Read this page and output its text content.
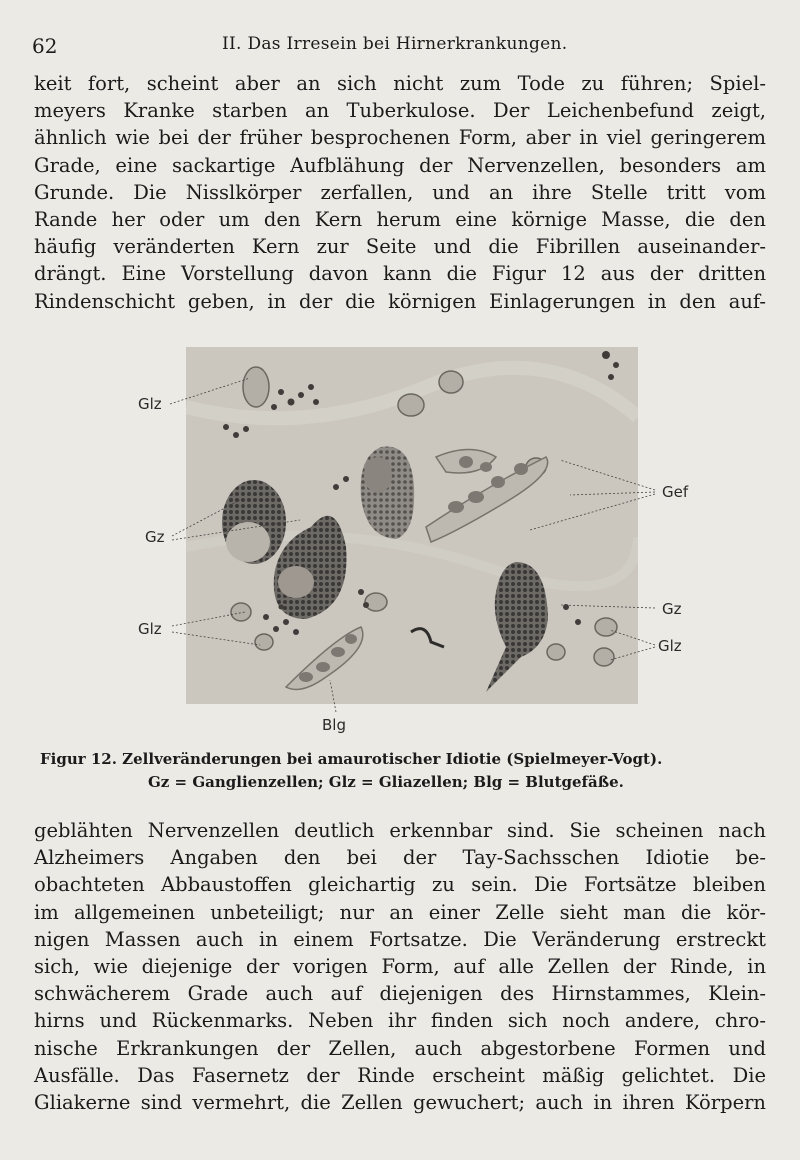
62	II. Das Irresein bei Hirnerkrankungen.
keit fort, scheint aber an sich nicht zum Tode zu führen; Spiel-
meyers Kranke starben an Tuberkulose. Der Leichenbefund zeigt,
ähnlich wie bei der früher besprochenen Form, aber in viel geringerem
Grade, eine sackartige Aufblähung der Nervenzellen, besonders am
Grunde. Die Nisslkörper zerfallen, und an ihre Stelle tritt vom
Rande her oder um den Kern herum eine körnige Masse, die den
häufig veränderten Kern zur Seite und die Fibrillen auseinander-
drängt. Eine Vorstellung davon kann die Figur 12 aus der dritten
Rindenschicht geben, in der die körnigen Einlagerungen in den auf-
Glz
Gz
Glz
Gef
Gz
Glz
Blg
Figur 12. Zellveränderungen bei amaurotischer Idiotie (Spielmeyer-Vogt).
Gz = Ganglienzellen; Glz = Gliazellen; Blg = Blutgefäße.
geblähten Nervenzellen deutlich erkennbar sind. Sie scheinen nach
Alzheimers Angaben den bei der Tay-Sachsschen Idiotie be-
obachteten Abbaustoffen gleichartig zu sein. Die Fortsätze bleiben
im allgemeinen unbeteiligt; nur an einer Zelle sieht man die kör-
nigen Massen auch in einem Fortsatze. Die Veränderung erstreckt
sich, wie diejenige der vorigen Form, auf alle Zellen der Rinde, in
schwächerem Grade auch auf diejenigen des Hirnstammes, Klein-
hirns und Rückenmarks. Neben ihr finden sich noch andere, chro-
nische Erkrankungen der Zellen, auch abgestorbene Formen und
Ausfälle. Das Fasernetz der Rinde erscheint mäßig gelichtet. Die
Gliakerne sind vermehrt, die Zellen gewuchert; auch in ihren Körpern
